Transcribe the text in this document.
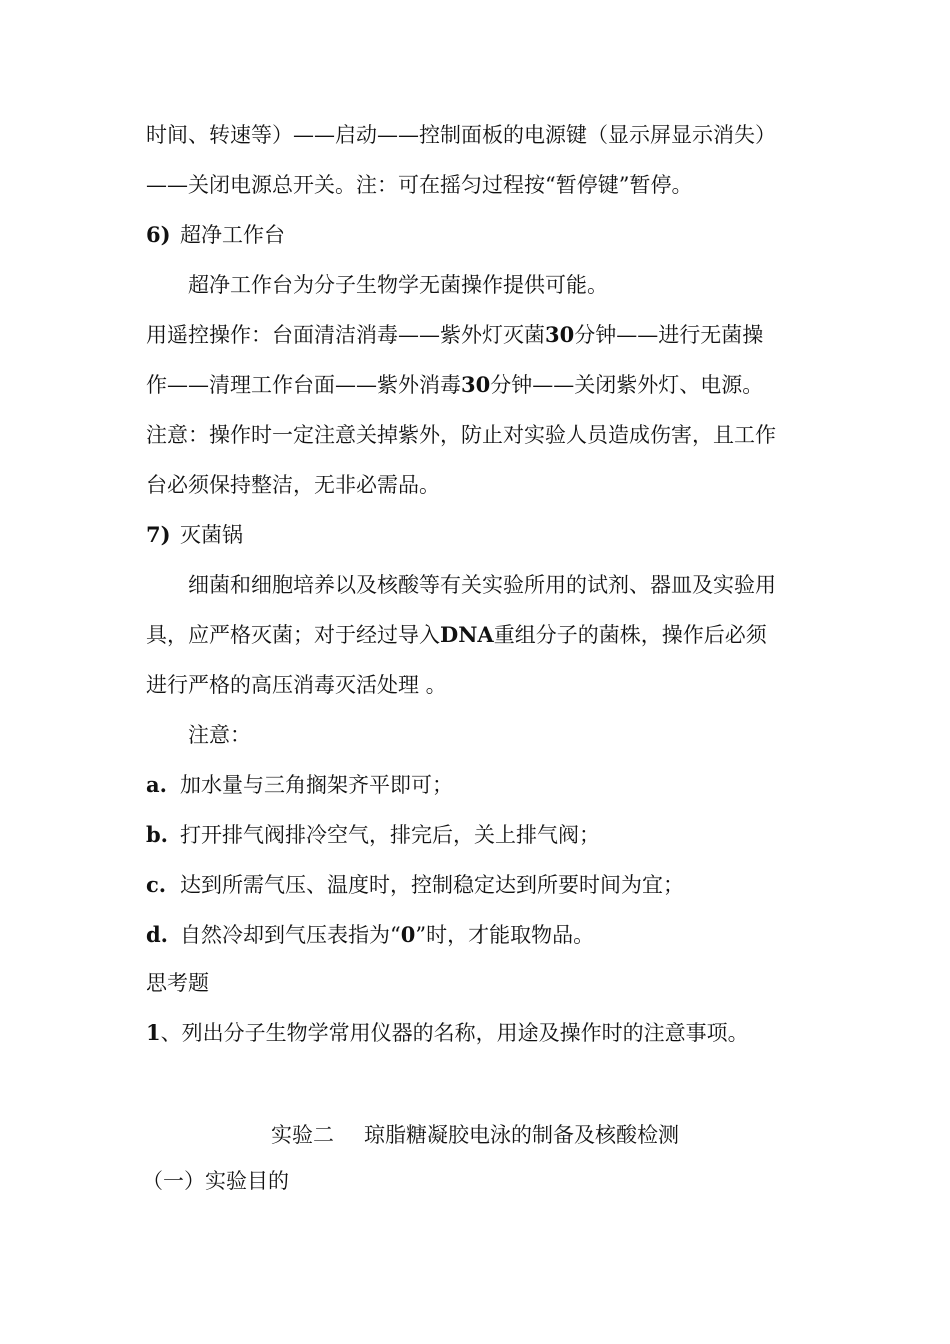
时间、转速等）——启动——控制面板的电源键（显示屏显示消失）
——关闭电源总开关。注：可在摇匀过程按“暂停键”暂停。
6) 超净工作台
超净工作台为分子生物学无菌操作提供可能。
用遥控操作：台面清洁消毒——紫外灯灭菌30分钟——进行无菌操
作——清理工作台面——紫外消毒30分钟——关闭紫外灯、电源。
注意：操作时一定注意关掉紫外，防止对实验人员造成伤害，且工作
台必须保持整洁，无非必需品。
7) 灭菌锅
细菌和细胞培养以及核酸等有关实验所用的试剂、器皿及实验用
具，应严格灭菌；对于经过导入DNA重组分子的菌株，操作后必须
进行严格的高压消毒灭活处理 。
注意：
a. 加水量与三角搁架齐平即可；
b. 打开排气阀排冷空气，排完后，关上排气阀；
c. 达到所需气压、温度时，控制稳定达到所要时间为宜；
d. 自然冷却到气压表指为“0”时，才能取物品。
思考题
1、列出分子生物学常用仪器的名称，用途及操作时的注意事项。
实验二 琼脂糖凝胶电泳的制备及核酸检测
（一）实验目的
